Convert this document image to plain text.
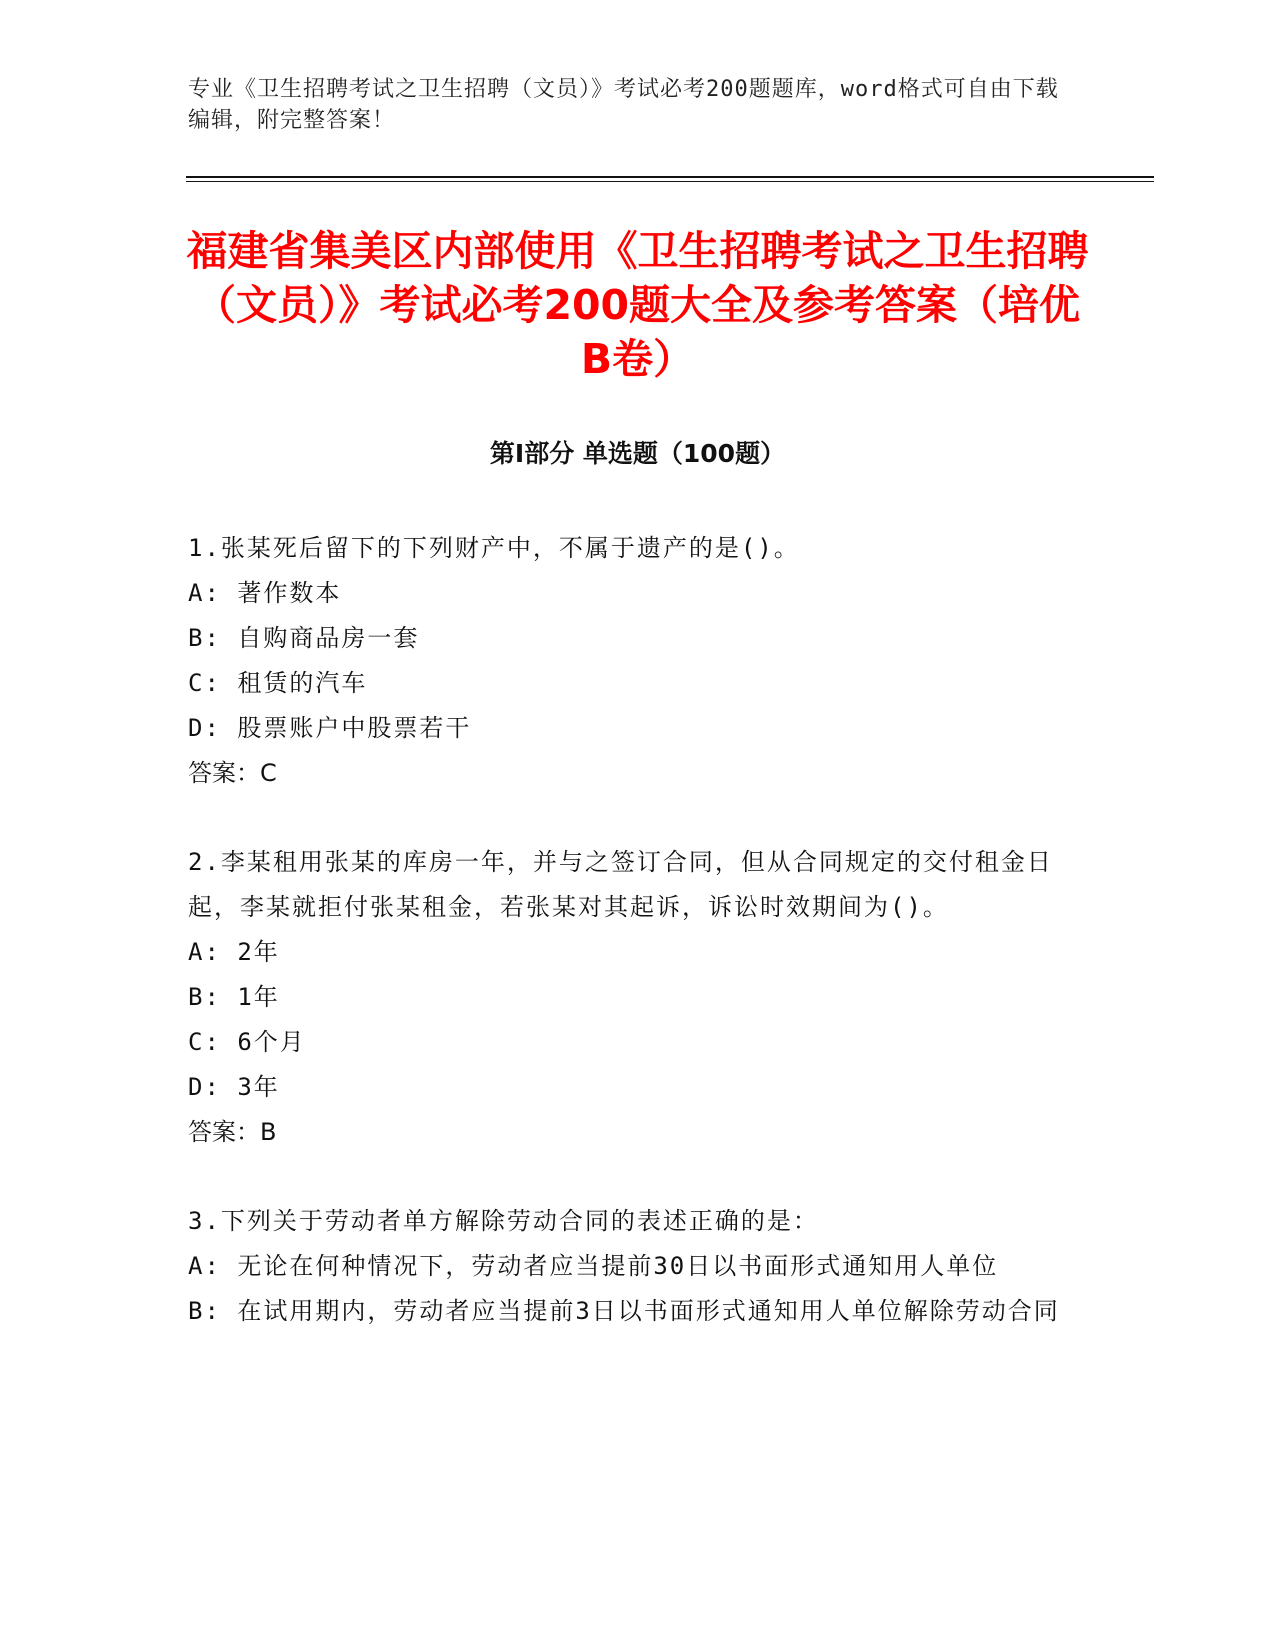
专业《卫生招聘考试之卫生招聘（文员）》考试必考200题题库，word格式可自由下载编辑，附完整答案！
福建省集美区内部使用《卫生招聘考试之卫生招聘（文员）》考试必考200题大全及参考答案（培优B卷）
第I部分 单选题（100题）
1.张某死后留下的下列财产中，不属于遗产的是()。
A: 著作数本
B: 自购商品房一套
C: 租赁的汽车
D: 股票账户中股票若干
答案：C
2.李某租用张某的库房一年，并与之签订合同，但从合同规定的交付租金日起，李某就拒付张某租金，若张某对其起诉，诉讼时效期间为()。
A: 2年
B: 1年
C: 6个月
D: 3年
答案：B
3.下列关于劳动者单方解除劳动合同的表述正确的是：
A: 无论在何种情况下，劳动者应当提前30日以书面形式通知用人单位
B: 在试用期内，劳动者应当提前3日以书面形式通知用人单位解除劳动合同
